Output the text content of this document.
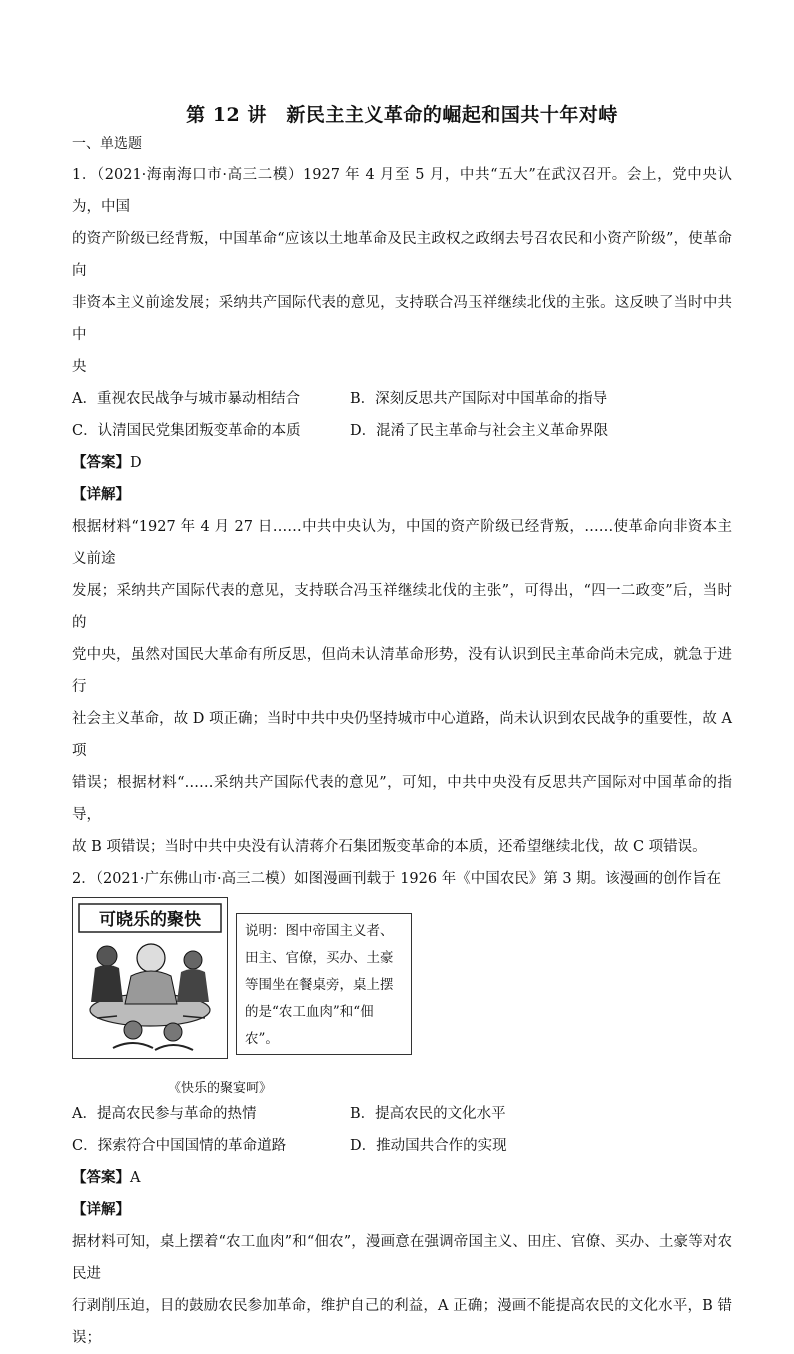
第 12 讲　新民主主义革命的崛起和国共十年对峙
一、单选题

1．（2021·海南海口市·高三二模）1927 年 4 月至 5 月，中共“五大”在武汉召开。会上，党中央认为，中国

的资产阶级已经背叛，中国革命“应该以土地革命及民主政权之政纲去号召农民和小资产阶级”，使革命向

非资本主义前途发展；采纳共产国际代表的意见，支持联合冯玉祥继续北伐的主张。这反映了当时中共中

央

A．重视农民战争与城市暴动相结合	B．深刻反思共产国际对中国革命的指导
C．认清国民党集团叛变革命的本质	D．混淆了民主革命与社会主义革命界限
【答案】D
【详解】

根据材料“1927 年 4 月 27 日……中共中央认为，中国的资产阶级已经背叛，……使革命向非资本主义前途

发展；采纳共产国际代表的意见，支持联合冯玉祥继续北伐的主张”，可得出，“四一二政变”后，当时的

党中央，虽然对国民大革命有所反思，但尚未认清革命形势，没有认识到民主革命尚未完成，就急于进行

社会主义革命，故 D 项正确；当时中共中央仍坚持城市中心道路，尚未认识到农民战争的重要性，故 A 项

错误；根据材料“……采纳共产国际代表的意见”，可知，中共中央没有反思共产国际对中国革命的指导，

故 B 项错误；当时中共中央没有认清蒋介石集团叛变革命的本质，还希望继续北伐，故 C 项错误。

2．（2021·广东佛山市·高三二模）如图漫画刊载于 1926 年《中国农民》第 3 期。该漫画的创作旨在

可晓乐的聚快
说明：图中帝国主义者、田主、官僚，买办、土豪等围坐在餐桌旁，桌上摆的是“农工血肉”和“佃农”。
《快乐的聚宴呵》
A．提高农民参与革命的热情	B．提高农民的文化水平
C．探索符合中国国情的革命道路	D．推动国共合作的实现
【答案】A
【详解】

据材料可知，桌上摆着“农工血肉”和“佃农”，漫画意在强调帝国主义、田庄、官僚、买办、土豪等对农民进

行剥削压迫，目的鼓励农民参加革命，维护自己的利益，A 正确；漫画不能提高农民的文化水平，B 错误；
